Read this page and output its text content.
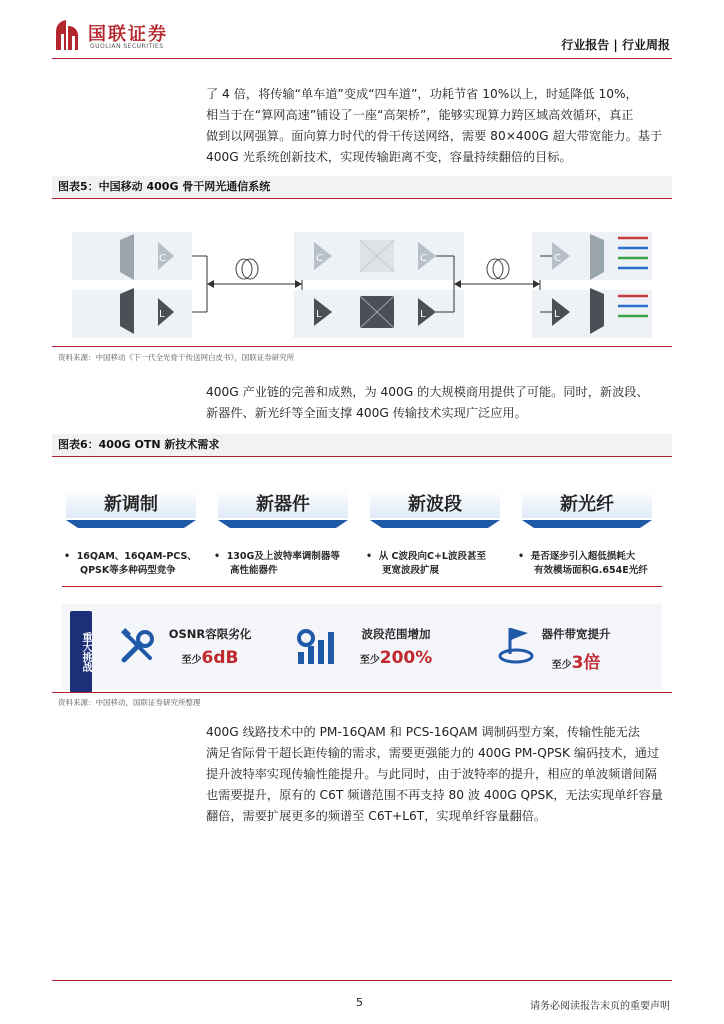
国联证券
GUOLIAN SECURITIES	行业报告 | 行业周报
了 4 倍，将传输“单车道”变成“四车道”，功耗节省 10%以上，时延降低 10%，
相当于在“算网高速”铺设了一座“高架桥”，能够实现算力跨区域高效循环，真正
做到以网强算。面向算力时代的骨干传送网络，需要 80×400G 超大带宽能力。基于
400G 光系统创新技术，实现传输距离不变，容量持续翻倍的目标。
图表5：中国移动 400G 骨干网光通信系统
C
L
C
L
C
L
C
L
资料来源：中国移动《下一代全光骨干传送网白皮书》，国联证券研究所
400G 产业链的完善和成熟，为 400G 的大规模商用提供了可能。同时，新波段、
新器件、新光纤等全面支撑 400G 传输技术实现广泛应用。
图表6：400G OTN 新技术需求
新调制	新器件	新波段	新光纤
•  16QAM、16QAM-PCS、
QPSK等多种码型竞争
•  130G及上波特率调制器等
高性能器件
•  从 C波段向C+L波段甚至
更宽波段扩展
•  是否逐步引入超低损耗大
有效模场面积G.654E光纤
重大挑战	OSNR容限劣化
至少6dB
波段范围增加
至少200%
器件带宽提升
至少3倍
资料来源：中国移动，国联证券研究所整理
400G 线路技术中的 PM-16QAM 和 PCS-16QAM 调制码型方案，传输性能无法
满足省际骨干超长距传输的需求，需要更强能力的 400G PM-QPSK 编码技术，通过
提升波特率实现传输性能提升。与此同时，由于波特率的提升，相应的单波频谱间隔
也需要提升，原有的 C6T 频谱范围不再支持 80 波 400G QPSK，无法实现单纤容量
翻倍，需要扩展更多的频谱至 C6T+L6T，实现单纤容量翻倍。
5	请务必阅读报告末页的重要声明
